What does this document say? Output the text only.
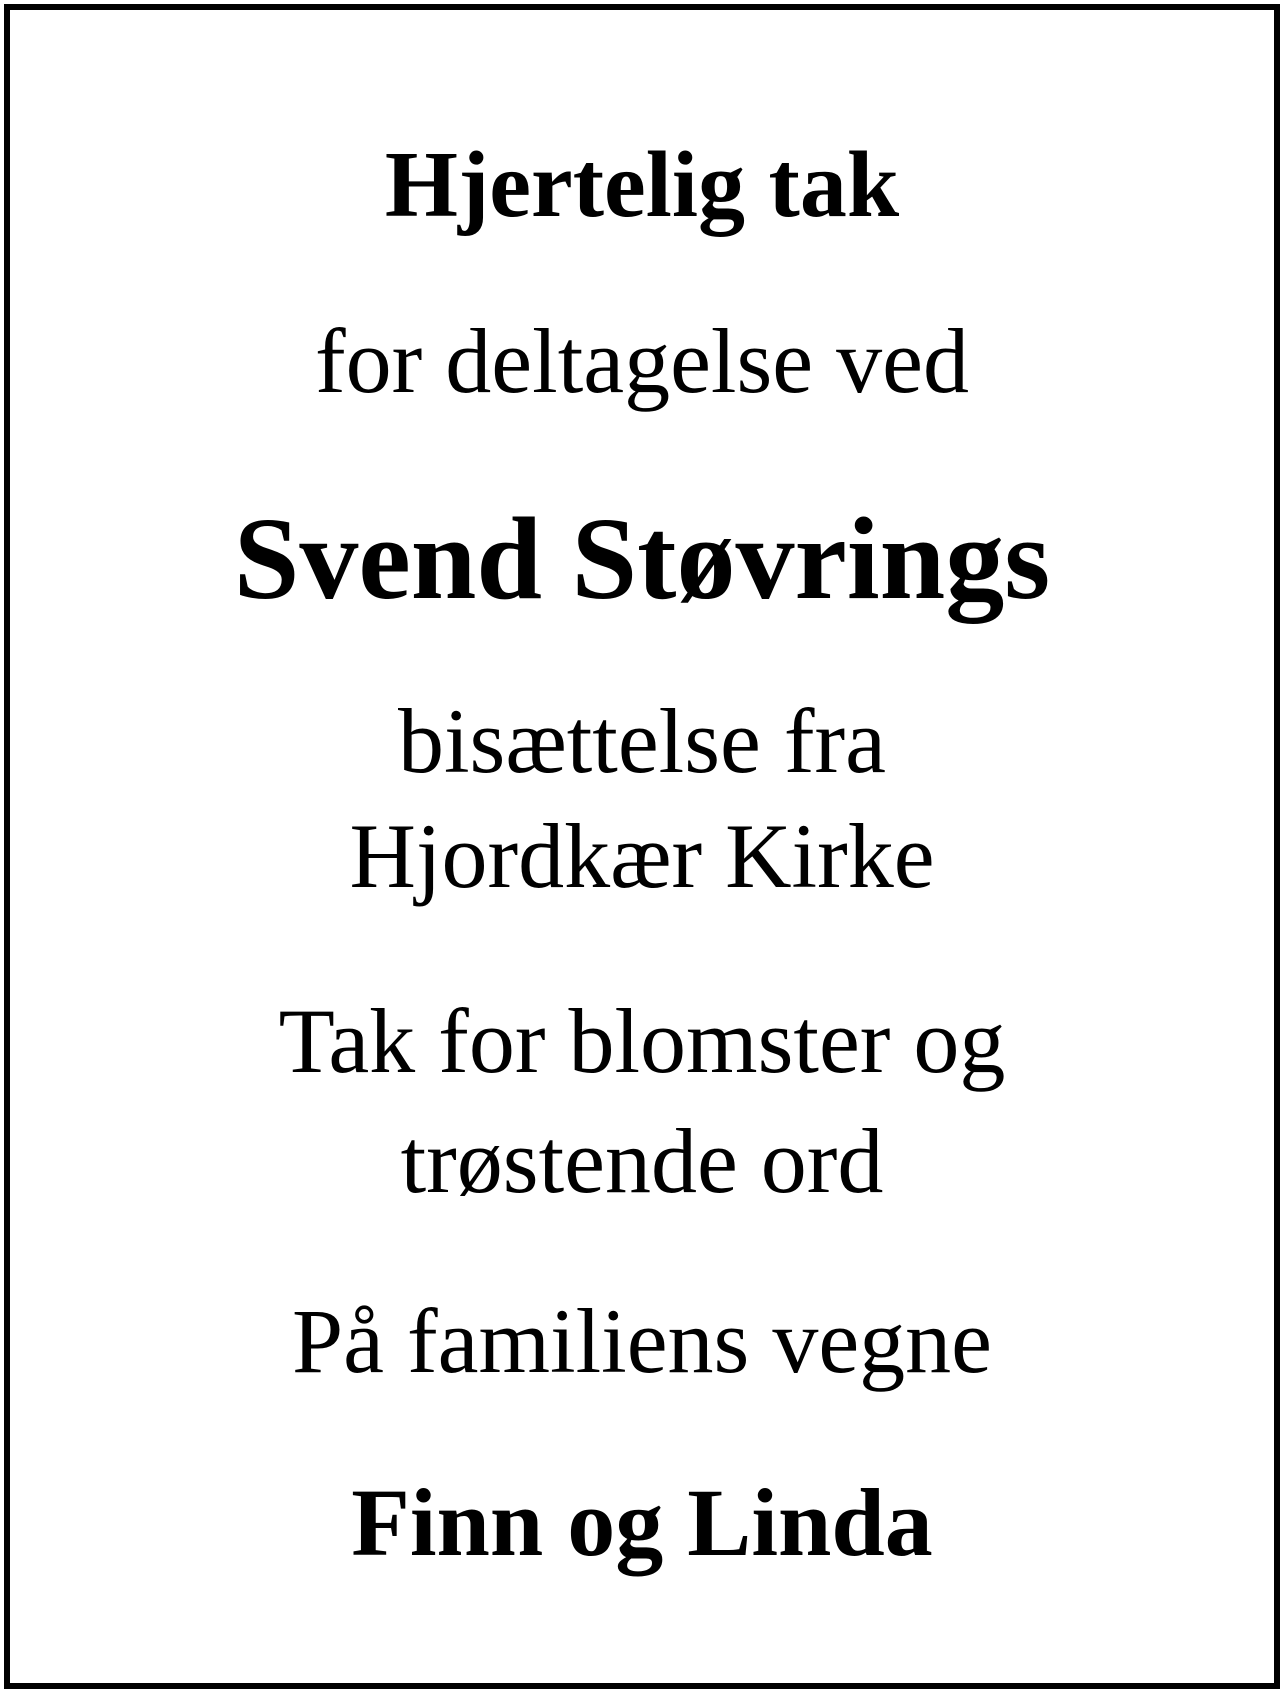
Hjertelig tak
for deltagelse ved
Svend Støvrings
bisættelse fra
Hjordkær Kirke
Tak for blomster og
trøstende ord
På familiens vegne
Finn og Linda
